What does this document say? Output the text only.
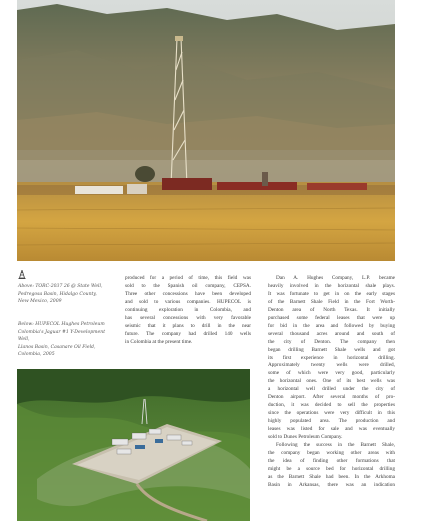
Above: TORC-2037 26 @ State Well,

Pedregosa Basin, Hidalgo County,

New Mexico, 2009

Below: HUPECOL Hughes Petroleum

Colombia's Jaguar #1 Y-Development Well,

Llanos Basin, Casanare Oil Field,

Colombia, 2005

produced for a period of time, this field was

sold to the Spanish oil company, CEPSA.

Three other concessions have been developed

and sold to various companies. HUPECOL is

continuing exploration in Colombia, and

has several concessions with very favorable

seismic that it plans to drill in the near

future. The company had drilled 140 wells

in Colombia at the present time.

Dan A. Hughes Company, L.P. became

heavily involved in the horizontal shale plays.

It was fortunate to get in on the early stages

of the Barnett Shale Field in the Fort Worth-

Denton area of North Texas. It initially

purchased some federal leases that were up

for bid in the area and followed by buying

several thousand acres around and south of

the city of Denton. The company then

began drilling Barnett Shale wells and got

its first experience in horizontal drilling.

Approximately twenty wells were drilled,

some of which were very good, particularly

the horizontal ones. One of its best wells was

a horizontal well drilled under the city of

Denton airport. After several months of pro-

duction, it was decided to sell the properties

since the operations were very difficult in this

highly populated area. The production and

leases was listed for sale and was eventually

sold to Dunes Petroleum Company.

Following the success in the Barnett Shale,

the company began working other areas with

the idea of finding other formations that

might be a source bed for horizontal drilling

as the Barnett Shale had been. In the Arkhoma

Basin in Arkansas, there was an indication
